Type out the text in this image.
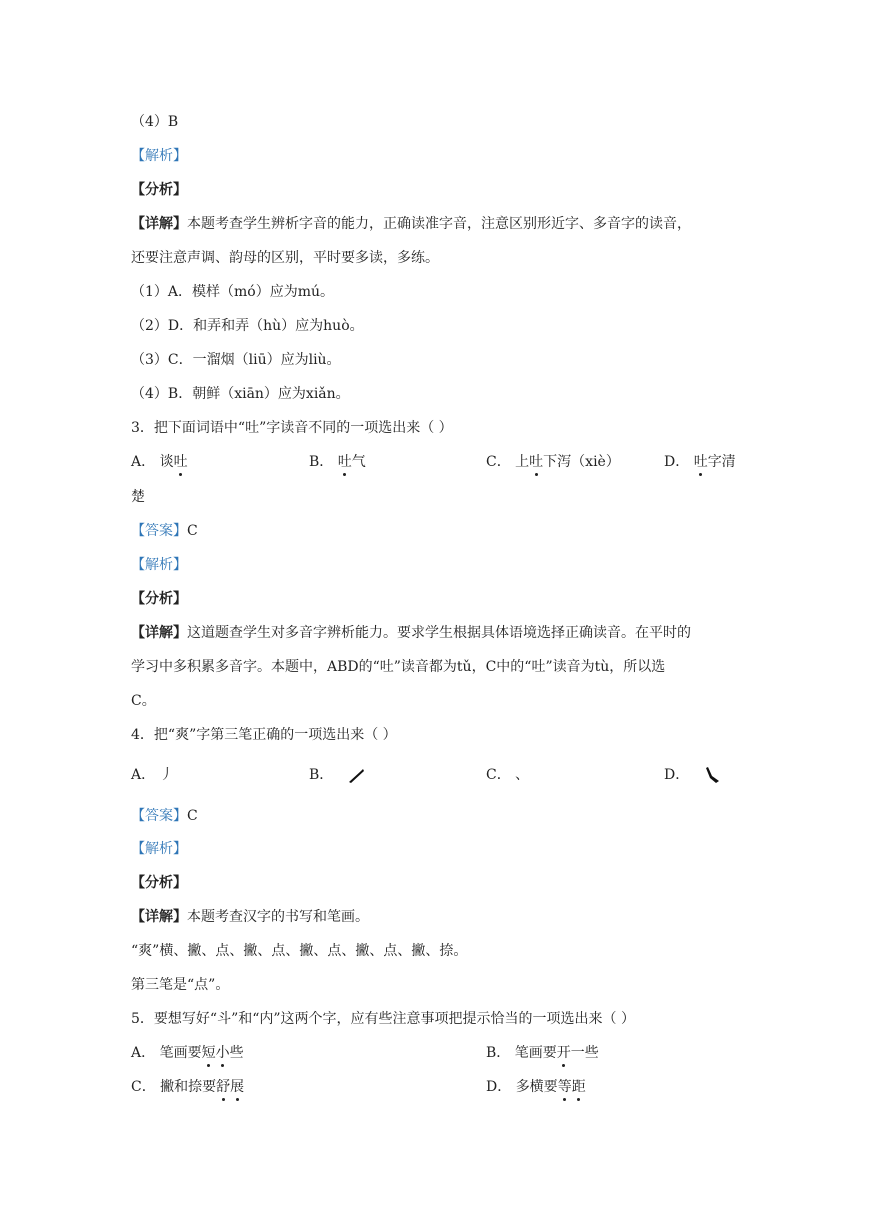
（4）B
【解析】
【分析】
【详解】本题考查学生辨析字音的能力，正确读准字音，注意区别形近字、多音字的读音，
还要注意声调、韵母的区别，平时要多读，多练。
（1）A．模样（mó）应为mú。
（2）D．和弄和弄（hù）应为huò。
（3）C．一溜烟（liū）应为liù。
（4）B．朝鲜（xiān）应为xiǎn。
3．把下面词语中“吐”字读音不同的一项选出来（ ）
A． 谈吐	B． 吐气	C． 上吐下泻（xiè）	D． 吐字清
楚
【答案】C
【解析】
【分析】
【详解】这道题查学生对多音字辨析能力。要求学生根据具体语境选择正确读音。在平时的
学习中多积累多音字。本题中，ABD的“吐”读音都为tǔ，C中的“吐”读音为tù，所以选
C。
4．把“爽”字第三笔正确的一项选出来（ ）
A． 丿	B．	C． 、	D．
【答案】C
【解析】
【分析】
【详解】本题考查汉字的书写和笔画。
“爽”横、撇、点、撇、点、撇、点、撇、点、撇、捺。
第三笔是“点”。
5．要想写好“斗”和“内”这两个字，应有些注意事项把提示恰当的一项选出来（ ）
A． 笔画要短小些	B． 笔画要开一些
C． 撇和捺要舒展	D． 多横要等距
